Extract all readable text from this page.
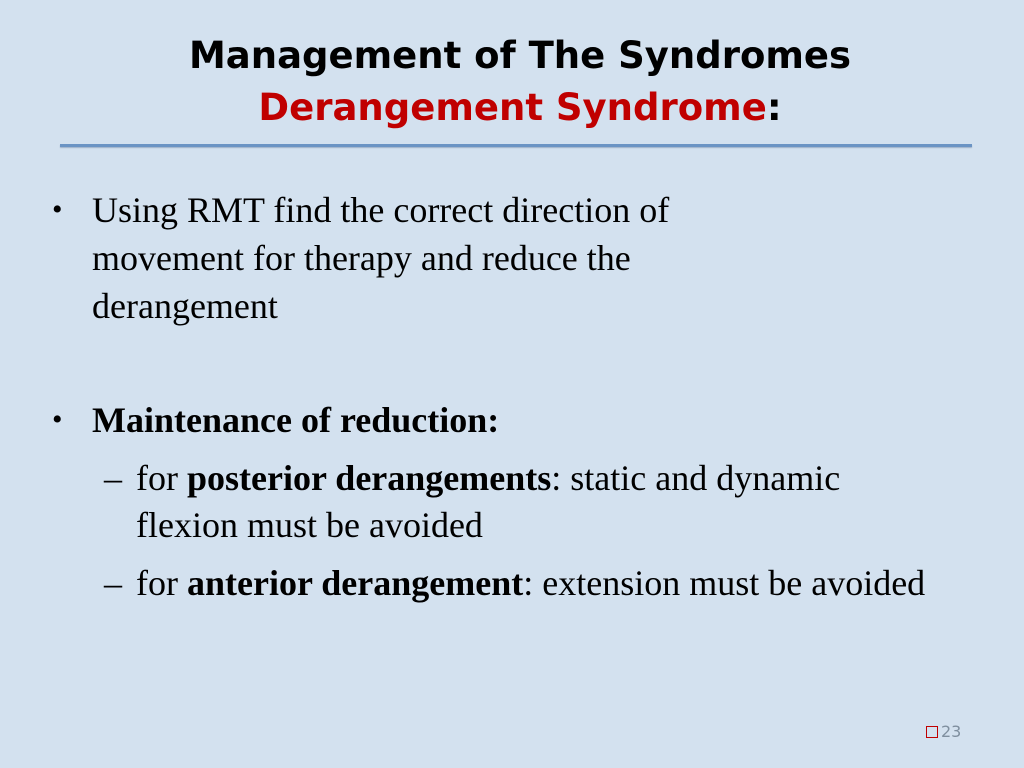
Management of The Syndromes
Derangement Syndrome:
• Using RMT find the correct direction of movement for therapy and reduce the derangement
• Maintenance of reduction:
– for posterior derangements: static and dynamic flexion must be avoided
– for anterior derangement: extension must be avoided
23
